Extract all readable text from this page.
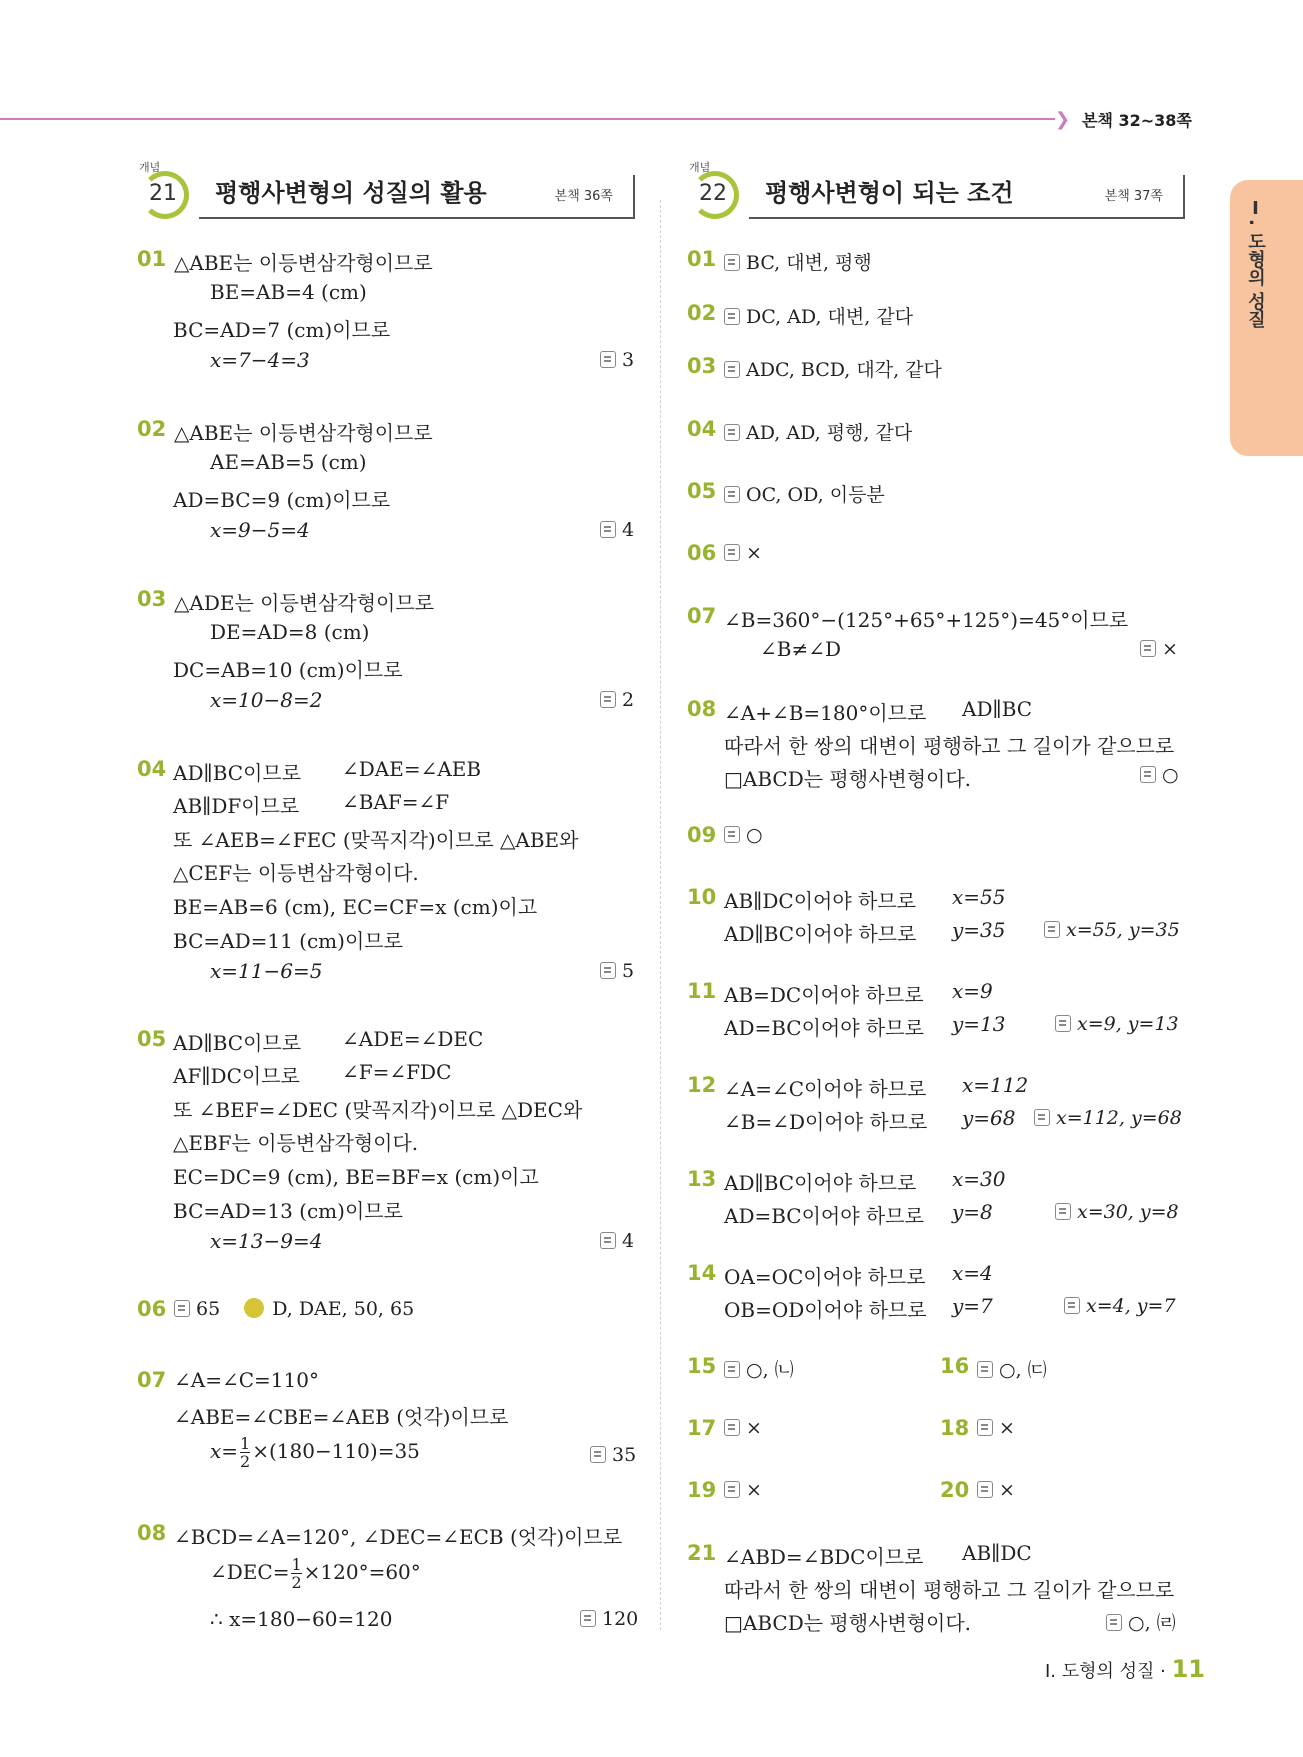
❯ 본책 32~38쪽
Ⅰ. 도형의 성질
개념
21 평행사변형의 성질의 활용	본책 36쪽
01 △ABE는 이등변삼각형이므로
BE=AB=4 (cm)
BC=AD=7 (cm)이므로
x=7−4=3	3
02 △ABE는 이등변삼각형이므로
AE=AB=5 (cm)
AD=BC=9 (cm)이므로
x=9−5=4	4
03 △ADE는 이등변삼각형이므로
DE=AD=8 (cm)
DC=AB=10 (cm)이므로
x=10−8=2	2
04 AD∥BC이므로 ∠DAE=∠AEB
AB∥DF이므로 ∠BAF=∠F
또 ∠AEB=∠FEC (맞꼭지각)이므로 △ABE와
△CEF는 이등변삼각형이다.
BE=AB=6 (cm), EC=CF=x (cm)이고
BC=AD=11 (cm)이므로
x=11−6=5	5
05 AD∥BC이므로 ∠ADE=∠DEC
AF∥DC이므로 ∠F=∠FDC
또 ∠BEF=∠DEC (맞꼭지각)이므로 △DEC와
△EBF는 이등변삼각형이다.
EC=DC=9 (cm), BE=BF=x (cm)이고
BC=AD=13 (cm)이므로
x=13−9=4	4
06	65	D, DAE, 50, 65
07 ∠A=∠C=110°
∠ABE=∠CBE=∠AEB (엇각)이므로
$x= \frac{1}{2} \times(180-110)=35$	35
08 ∠BCD=∠A=120°, ∠DEC=∠ECB (엇각)이므로
∠DEC= $\frac{1}{2} \times 120^\circ=60^\circ$
∴ x=180−60=120	120
개념
22 평행사변형이 되는 조건	본책 37쪽
01	BC, 대변, 평행
02	DC, AD, 대변, 같다
03	ADC, BCD, 대각, 같다
04	AD, AD, 평행, 같다
05	OC, OD, 이등분
06	×
07 ∠B=360°−(125°+65°+125°)=45°이므로
∠B≠∠D	×
08 ∠A+∠B=180°이므로 AD∥BC
따라서 한 쌍의 대변이 평행하고 그 길이가 같으므로
□ABCD는 평행사변형이다.	○
09	○
10 AB∥DC이어야 하므로 x=55
AD∥BC이어야 하므로 y=35	x=55, y=35
11 AB=DC이어야 하므로 x=9
AD=BC이어야 하므로 y=13	x=9, y=13
12 ∠A=∠C이어야 하므로 x=112
∠B=∠D이어야 하므로 y=68	x=112, y=68
13 AD∥BC이어야 하므로 x=30
AD=BC이어야 하므로 y=8	x=30, y=8
14 OA=OC이어야 하므로 x=4
OB=OD이어야 하므로 y=7	x=4, y=7
15	○, ㈁	16	○, ㈂
17	×	18	×
19	×	20	×
21 ∠ABD=∠BDC이므로 AB∥DC
따라서 한 쌍의 대변이 평행하고 그 길이가 같으므로
□ABCD는 평행사변형이다.	○, ㈃
Ⅰ. 도형의 성질 · 11
